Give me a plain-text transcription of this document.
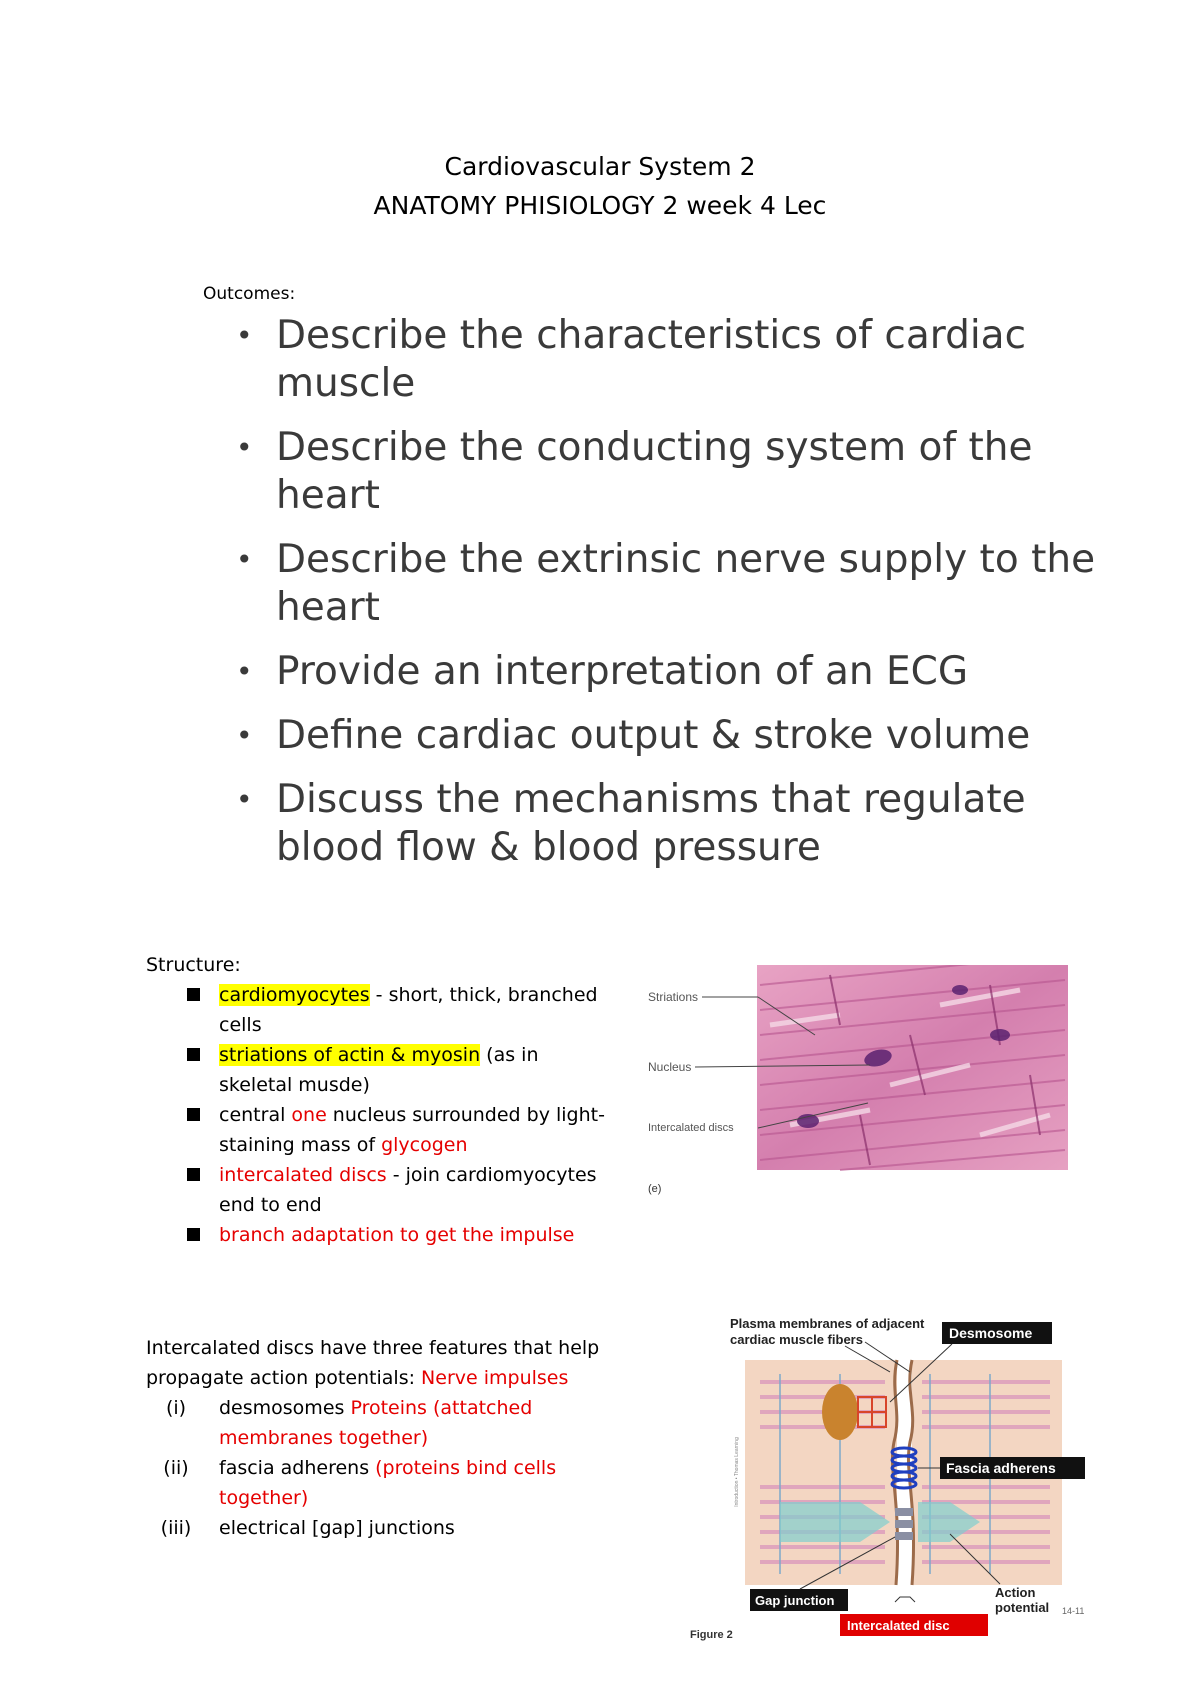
Cardiovascular System 2
ANATOMY PHISIOLOGY 2 week 4 Lec
Outcomes:
• Describe the characteristics of cardiac muscle
• Describe the conducting system of the heart
• Describe the extrinsic nerve supply to the heart
• Provide an interpretation of an ECG
• Define cardiac output & stroke volume
• Discuss the mechanisms that regulate blood flow & blood pressure
Structure:
cardiomyocytes - short, thick, branched cells
striations of actin & myosin (as in skeletal musde)
central one nucleus surrounded by light-staining mass of glycogen
intercalated discs - join cardiomyocytes end to end
branch adaptation to get the impulse
Striations
Nucleus
Intercalated discs
(e)
Intercalated discs have three features that help propagate action potentials: Nerve impulses
(i)	desmosomes Proteins (attatched membranes together)
(ii)	fascia adherens (proteins bind cells together)
(iii)	electrical [gap] junctions
Plasma membranes of adjacent
cardiac muscle fibers	Desmosome
Fascia adherens
Gap junction
Intercalated disc
Action
potential
Figure 2
14-11
Introduction • Thomas Learning
